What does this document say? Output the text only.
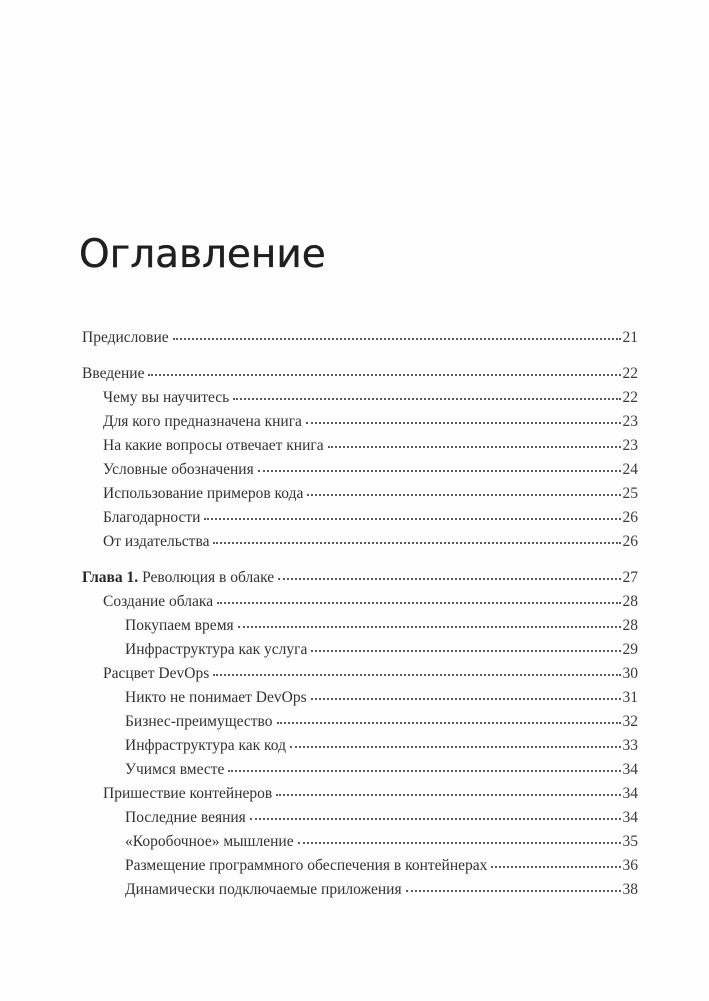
Оглавление
Предисловие	21
Введение	22
Чему вы научитесь	22
Для кого предназначена книга	23
На какие вопросы отвечает книга	23
Условные обозначения	24
Использование примеров кода	25
Благодарности	26
От издательства	26
Глава 1. Революция в облаке	27
Создание облака	28
Покупаем время	28
Инфраструктура как услуга	29
Расцвет DevOps	30
Никто не понимает DevOps	31
Бизнес-преимущество	32
Инфраструктура как код	33
Учимся вместе	34
Пришествие контейнеров	34
Последние веяния	34
«Коробочное» мышление	35
Размещение программного обеспечения в контейнерах	36
Динамически подключаемые приложения	38
